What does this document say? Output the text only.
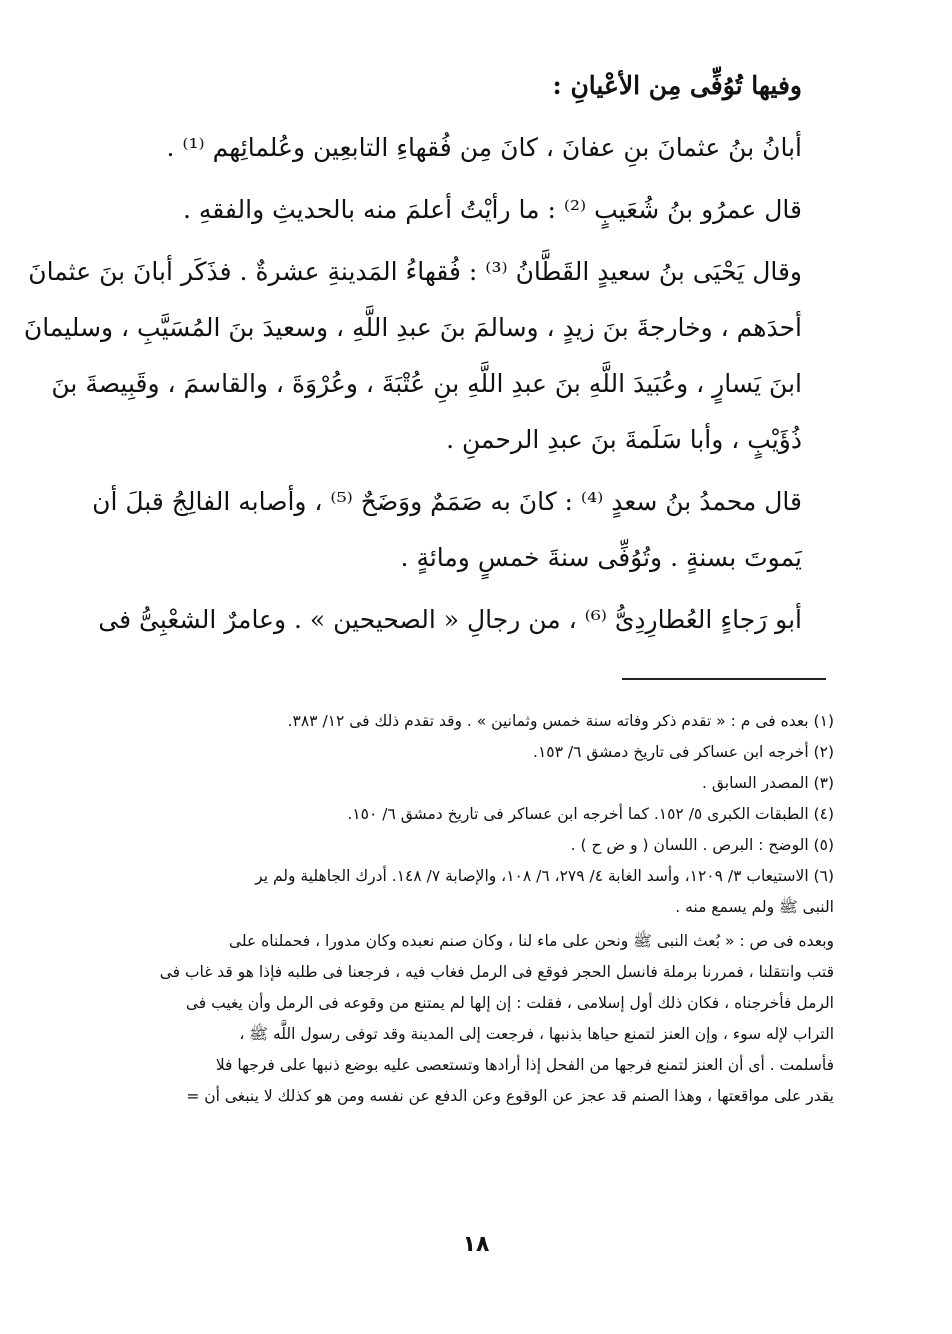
وفيها تُوُفِّى مِن الأعْيانِ :
أبانُ بنُ عثمانَ بنِ عفانَ ، كانَ مِن فُقهاءِ التابعِين وعُلمائِهم ⁽¹⁾ .
قال عمرُو بنُ شُعَيبٍ ⁽²⁾ : ما رأيْتُ أعلمَ منه بالحديثِ والفقهِ .
وقال يَحْيَى بنُ سعيدٍ القَطَّانُ ⁽³⁾ : فُقهاءُ المَدينةِ عشرةٌ . فذَكَر أبانَ بنَ عثمانَ
أحدَهم ، وخارجةَ بنَ زيدٍ ، وسالمَ بنَ عبدِ اللَّهِ ، وسعيدَ بنَ المُسَيَّبِ ، وسليمانَ
ابنَ يَسارٍ ، وعُبَيدَ اللَّهِ بنَ عبدِ اللَّهِ بنِ عُتْبَةَ ، وعُرْوَةَ ، والقاسمَ ، وقَبِيصةَ بنَ
ذُؤَيْبٍ ، وأبا سَلَمةَ بنَ عبدِ الرحمنِ .
قال محمدُ بنُ سعدٍ ⁽⁴⁾ : كانَ به صَمَمٌ ووَضَحٌ ⁽⁵⁾ ، وأصابه الفالِجُ قبلَ أن
يَموتَ بسنةٍ . وتُوُفِّى سنةَ خمسٍ ومائةٍ .
أبو رَجاءٍ العُطارِدِىُّ ⁽⁶⁾ ، من رجالِ « الصحيحين » . وعامرٌ الشعْبِىُّ فى
(١) بعده فى م : « تقدم ذكر وفاته سنة خمس وثمانين » . وقد تقدم ذلك فى ١٢/ ٣٨٣.
(٢) أخرجه ابن عساكر فى تاريخ دمشق ٦/ ١٥٣.
(٣) المصدر السابق .
(٤) الطبقات الكبرى ٥/ ١٥٢. كما أخرجه ابن عساكر فى تاريخ دمشق ٦/ ١٥٠.
(٥) الوضح : البرص . اللسان ( و ض ح ) .
(٦) الاستيعاب ٣/ ١٢٠٩، وأسد الغابة ٤/ ٢٧٩، ٦/ ١٠٨، والإصابة ٧/ ١٤٨. أدرك الجاهلية ولم ير
النبى ﷺ ولم يسمع منه .
وبعده فى ص : « بُعث النبى ﷺ ونحن على ماء لنا ، وكان صنم نعبده وكان مدورا ، فحملناه على
قتب وانتقلنا ، فمررنا برملة فانسل الحجر فوقع فى الرمل فغاب فيه ، فرجعنا فى طلبه فإذا هو قد غاب فى
الرمل فأخرجناه ، فكان ذلك أول إسلامى ، فقلت : إن إلها لم يمتنع من وقوعه فى الرمل وأن يغيب فى
التراب لإله سوء ، وإن العنز لتمنع حياها بذنبها ، فرجعت إلى المدينة وقد توفى رسول اللَّه ﷺ ،
فأسلمت . أى أن العنز لتمنع فرجها من الفحل إذا أرادها وتستعصى عليه بوضع ذنبها على فرجها فلا
يقدر على مواقعتها ، وهذا الصنم قد عجز عن الوقوع وعن الدفع عن نفسه ومن هو كذلك لا ينبغى أن =
١٨
